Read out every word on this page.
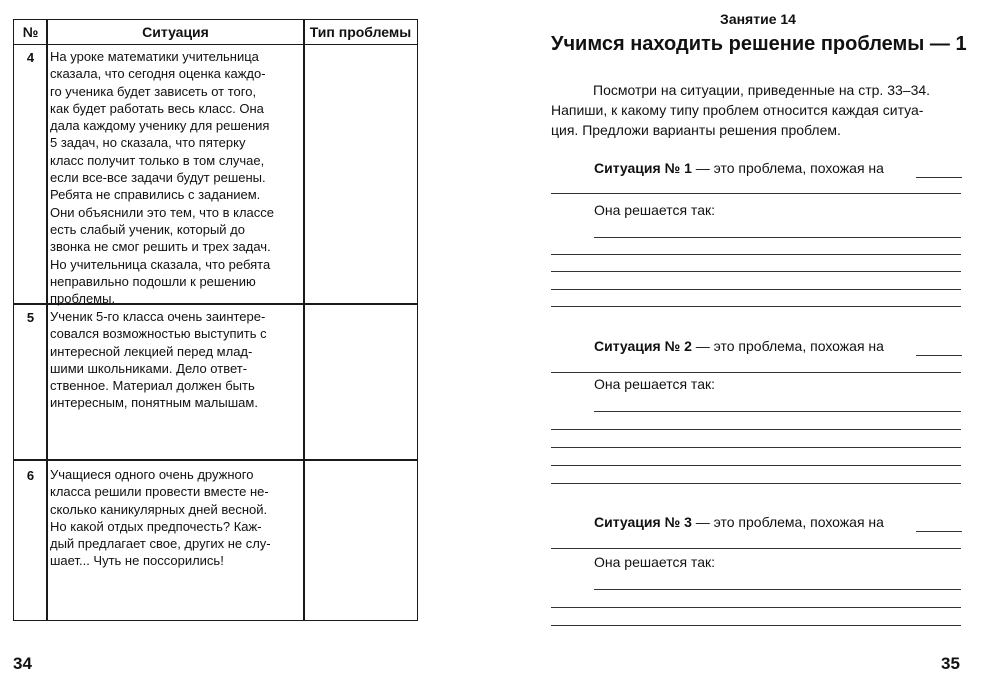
№	Ситуация	Тип проблемы
4	На уроке математики учительница
сказала, что сегодня оценка каждо-
го ученика будет зависеть от того,
как будет работать весь класс. Она
дала каждому ученику для решения
5 задач, но сказала, что пятерку
класс получит только в том случае,
если все-все задачи будут решены.
Ребята не справились с заданием.
Они объяснили это тем, что в классе
есть слабый ученик, который до
звонка не смог решить и трех задач.
Но учительница сказала, что ребята
неправильно подошли к решению
проблемы.
5	Ученик 5-го класса очень заинтере-
совался возможностью выступить с
интересной лекцией перед млад-
шими школьниками. Дело ответ-
ственное. Материал должен быть
интересным, понятным малышам.
6	Учащиеся одного очень дружного
класса решили провести вместе не-
сколько каникулярных дней весной.
Но какой отдых предпочесть? Каж-
дый предлагает свое, других не слу-
шает... Чуть не поссорились!
34
Занятие 14
Учимся находить решение проблемы — 1
Посмотри на ситуации, приведенные на стр. 33–34.
Напиши, к какому типу проблем относится каждая ситуа-
ция. Предложи варианты решения проблем.
Ситуация № 1 — это проблема, похожая на
Она решается так:
Ситуация № 2 — это проблема, похожая на
Она решается так:
Ситуация № 3 — это проблема, похожая на
Она решается так:
35
